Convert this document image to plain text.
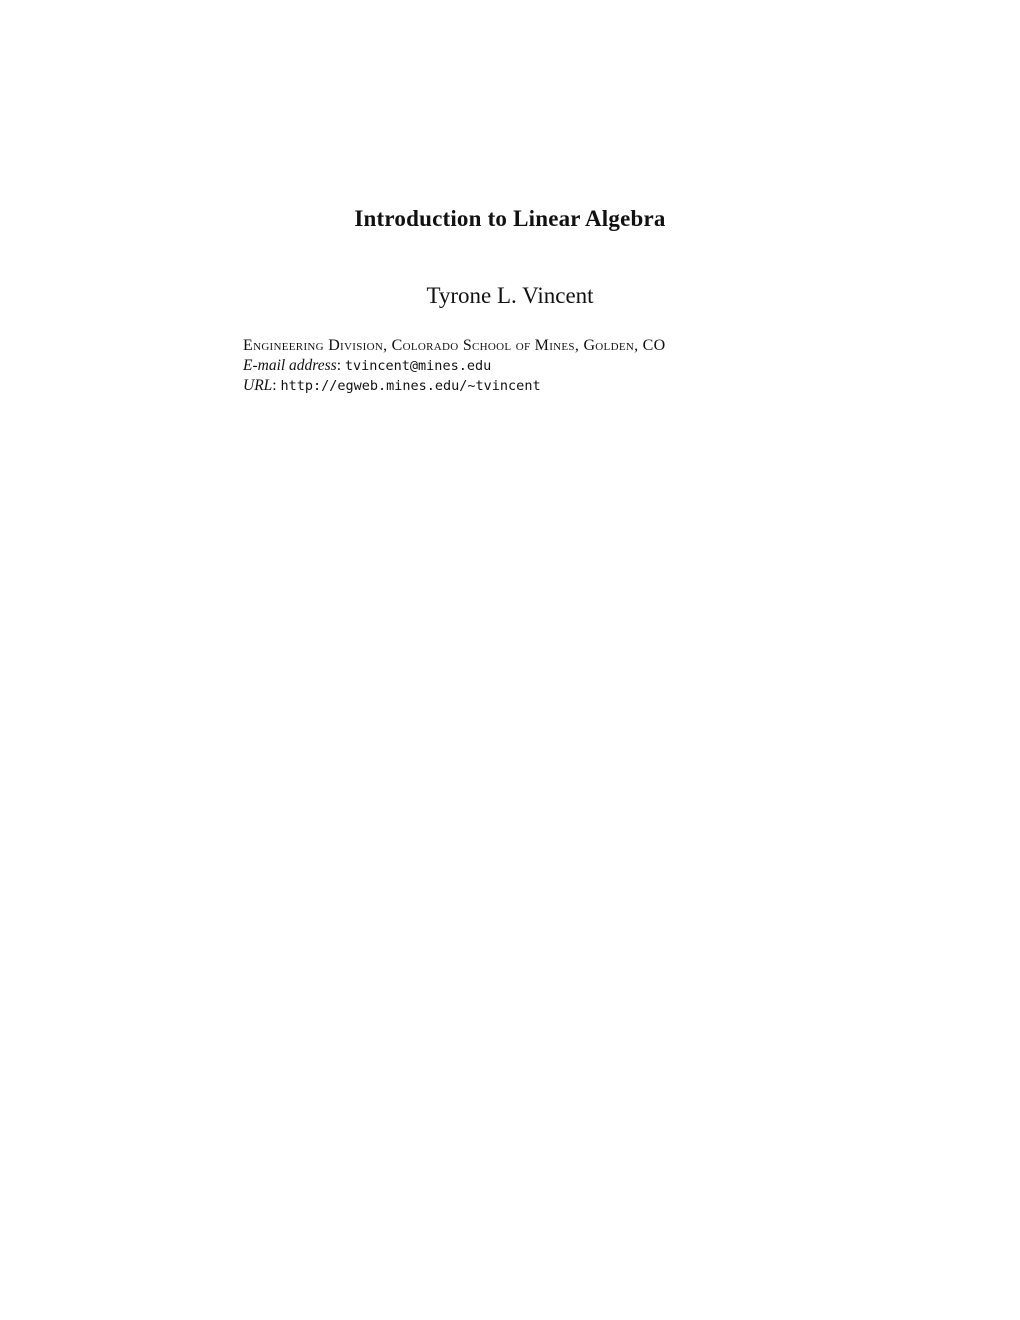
Introduction to Linear Algebra
Tyrone L. Vincent
Engineering Division, Colorado School of Mines, Golden, CO
E-mail address: tvincent@mines.edu
URL: http://egweb.mines.edu/~tvincent
